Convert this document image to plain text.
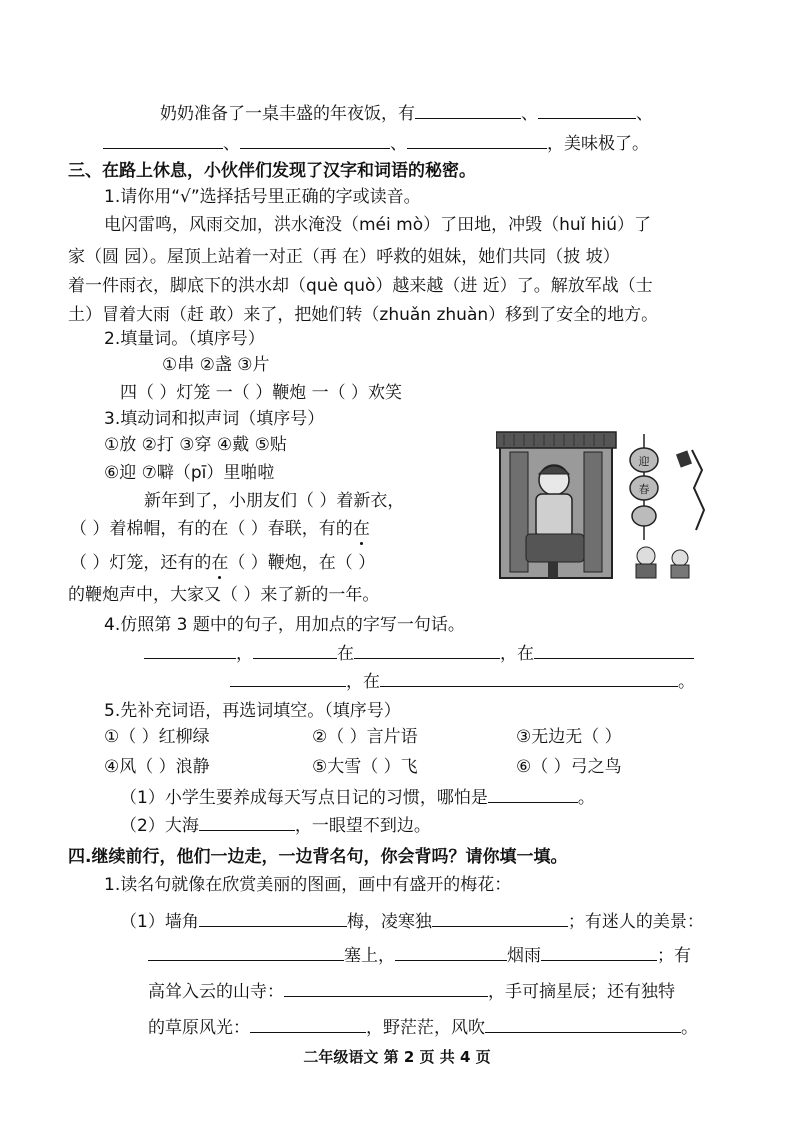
奶奶准备了一桌丰盛的年夜饭，有	、	、
、	、	，美味极了。
三、在路上休息，小伙伴们发现了汉字和词语的秘密。
1.请你用“√”选择括号里正确的字或读音。
电闪雷鸣，风雨交加，洪水淹没（méi mò）了田地，冲毁（huǐ hiú）了
家（圆 园）。屋顶上站着一对正（再 在）呼救的姐妹，她们共同（披 坡）
着一件雨衣，脚底下的洪水却（què quò）越来越（进 近）了。解放军战（士
土）冒着大雨（赶 敢）来了，把她们转（zhuǎn zhuàn）移到了安全的地方。
2.填量词。（填序号）
①串 ②盏 ③片
四（ ）灯笼 一（ ）鞭炮 一（ ）欢笑
3.填动词和拟声词（填序号）
①放 ②打 ③穿 ④戴 ⑤贴
⑥迎 ⑦噼（pī）里啪啦
新年到了，小朋友们（ ）着新衣，
（ ）着棉帽，有的在（ ）春联，有的在
（ ）灯笼，还有的在（ ）鞭炮，在（ ）
的鞭炮声中，大家又（ ）来了新的一年。
4.仿照第 3 题中的句子，用加点的字写一句话。
，	在	，在
，在	。
5.先补充词语，再选词填空。（填序号）
①（ ）红柳绿	②（ ）言片语	③无边无（ ）
④风（ ）浪静	⑤大雪（ ）飞	⑥（ ）弓之鸟
（1）小学生要养成每天写点日记的习惯，哪怕是	。
（2）大海	，一眼望不到边。
四.继续前行，他们一边走，一边背名句，你会背吗？请你填一填。
1.读名句就像在欣赏美丽的图画，画中有盛开的梅花：
（1）墙角	梅，凌寒独	；有迷人的美景：
塞上，	烟雨	；有
高耸入云的山寺：	，手可摘星辰；还有独特
的草原风光：	，野茫茫，风吹	。
二年级语文 第 2 页 共 4 页
迎
春
